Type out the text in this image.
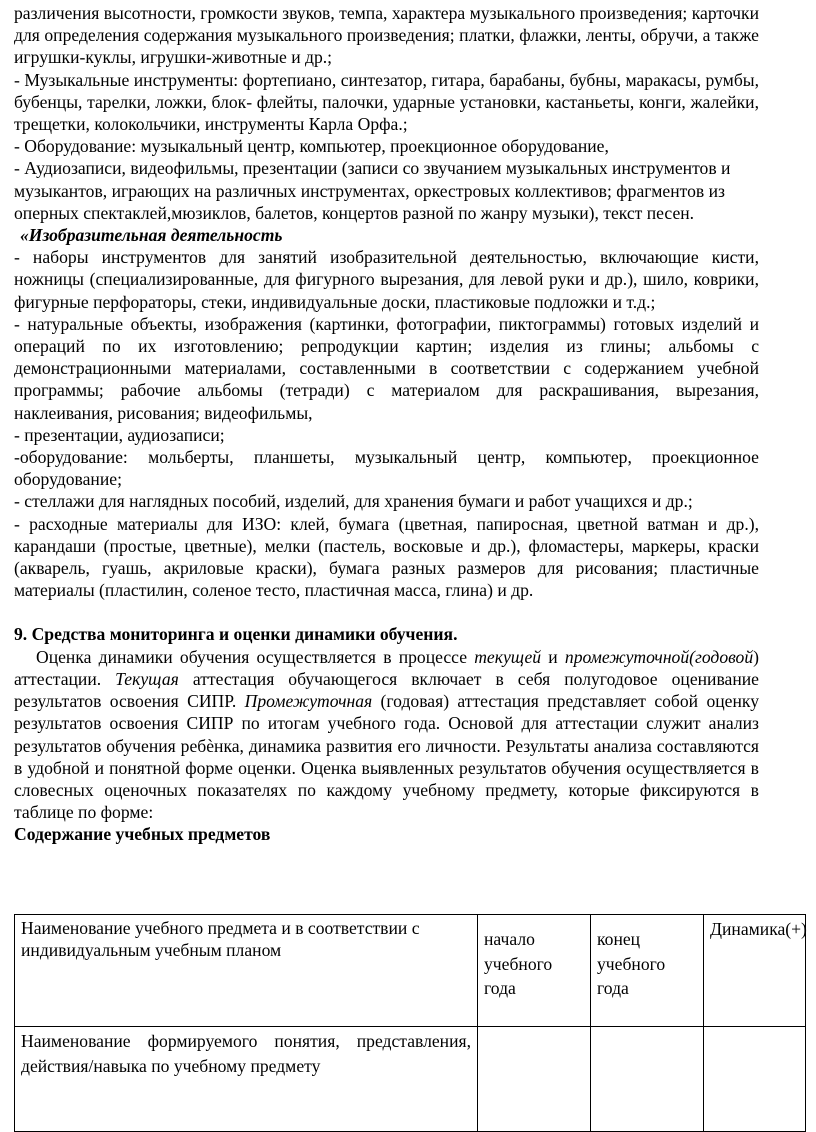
различения высотности, громкости звуков, темпа, характера музыкального произведения; карточки для определения содержания музыкального произведения; платки, флажки, ленты, обручи, а также игрушки-куклы, игрушки-животные и др.;

- Музыкальные инструменты: фортепиано, синтезатор, гитара, барабаны, бубны, маракасы, румбы, бубенцы, тарелки, ложки, блок- флейты, палочки, ударные установки, кастаньеты, конги, жалейки, трещетки, колокольчики, инструменты Карла Орфа.;

- Оборудование: музыкальный центр, компьютер, проекционное оборудование,

- Аудиозаписи, видеофильмы, презентации (записи со звучанием музыкальных инструментов и музыкантов, играющих на различных инструментах, оркестровых коллективов; фрагментов из оперных спектаклей,мюзиклов, балетов, концертов разной по жанру музыки), текст песен.

«Изобразительная деятельность

- наборы инструментов для занятий изобразительной деятельностью, включающие кисти, ножницы (специализированные, для фигурного вырезания, для левой руки и др.), шило, коврики, фигурные перфораторы, стеки, индивидуальные доски, пластиковые подложки и т.д.;

- натуральные объекты, изображения (картинки, фотографии, пиктограммы) готовых изделий и операций по их изготовлению; репродукции картин; изделия из глины; альбомы с демонстрационными материалами, составленными в соответствии с содержанием учебной программы; рабочие альбомы (тетради) с материалом для раскрашивания, вырезания, наклеивания, рисования; видеофильмы,

- презентации, аудиозаписи;

-оборудование: мольберты, планшеты, музыкальный центр, компьютер, проекционное оборудование;

- стеллажи для наглядных пособий, изделий, для хранения бумаги и работ учащихся и др.;

- расходные материалы для ИЗО: клей, бумага (цветная, папиросная, цветной ватман и др.), карандаши (простые, цветные), мелки (пастель, восковые и др.), фломастеры, маркеры, краски (акварель, гуашь, акриловые краски), бумага разных размеров для рисования; пластичные материалы (пластилин, соленое тесто, пластичная масса, глина) и др.

9. Средства мониторинга и оценки динамики обучения.

Оценка динамики обучения осуществляется в процессе текущей и промежуточной(годовой) аттестации. Текущая аттестация обучающегося включает в себя полугодовое оценивание результатов освоения СИПР. Промежуточная (годовая) аттестация представляет собой оценку результатов освоения СИПР по итогам учебного года. Основой для аттестации служит анализ результатов обучения ребѐнка, динамика развития его личности. Результаты анализа составляются в удобной и понятной форме оценки. Оценка выявленных результатов обучения осуществляется в словесных оценочных показателях по каждому учебному предмету, которые фиксируются в таблице по форме:

Содержание учебных предметов

Наименование учебного предмета и в соответствии с индивидуальным учебным планом	начало учебного года	конец учебного года	Динамика(+)
Наименование формируемого понятия, представления, действия/навыка по учебному предмету			
